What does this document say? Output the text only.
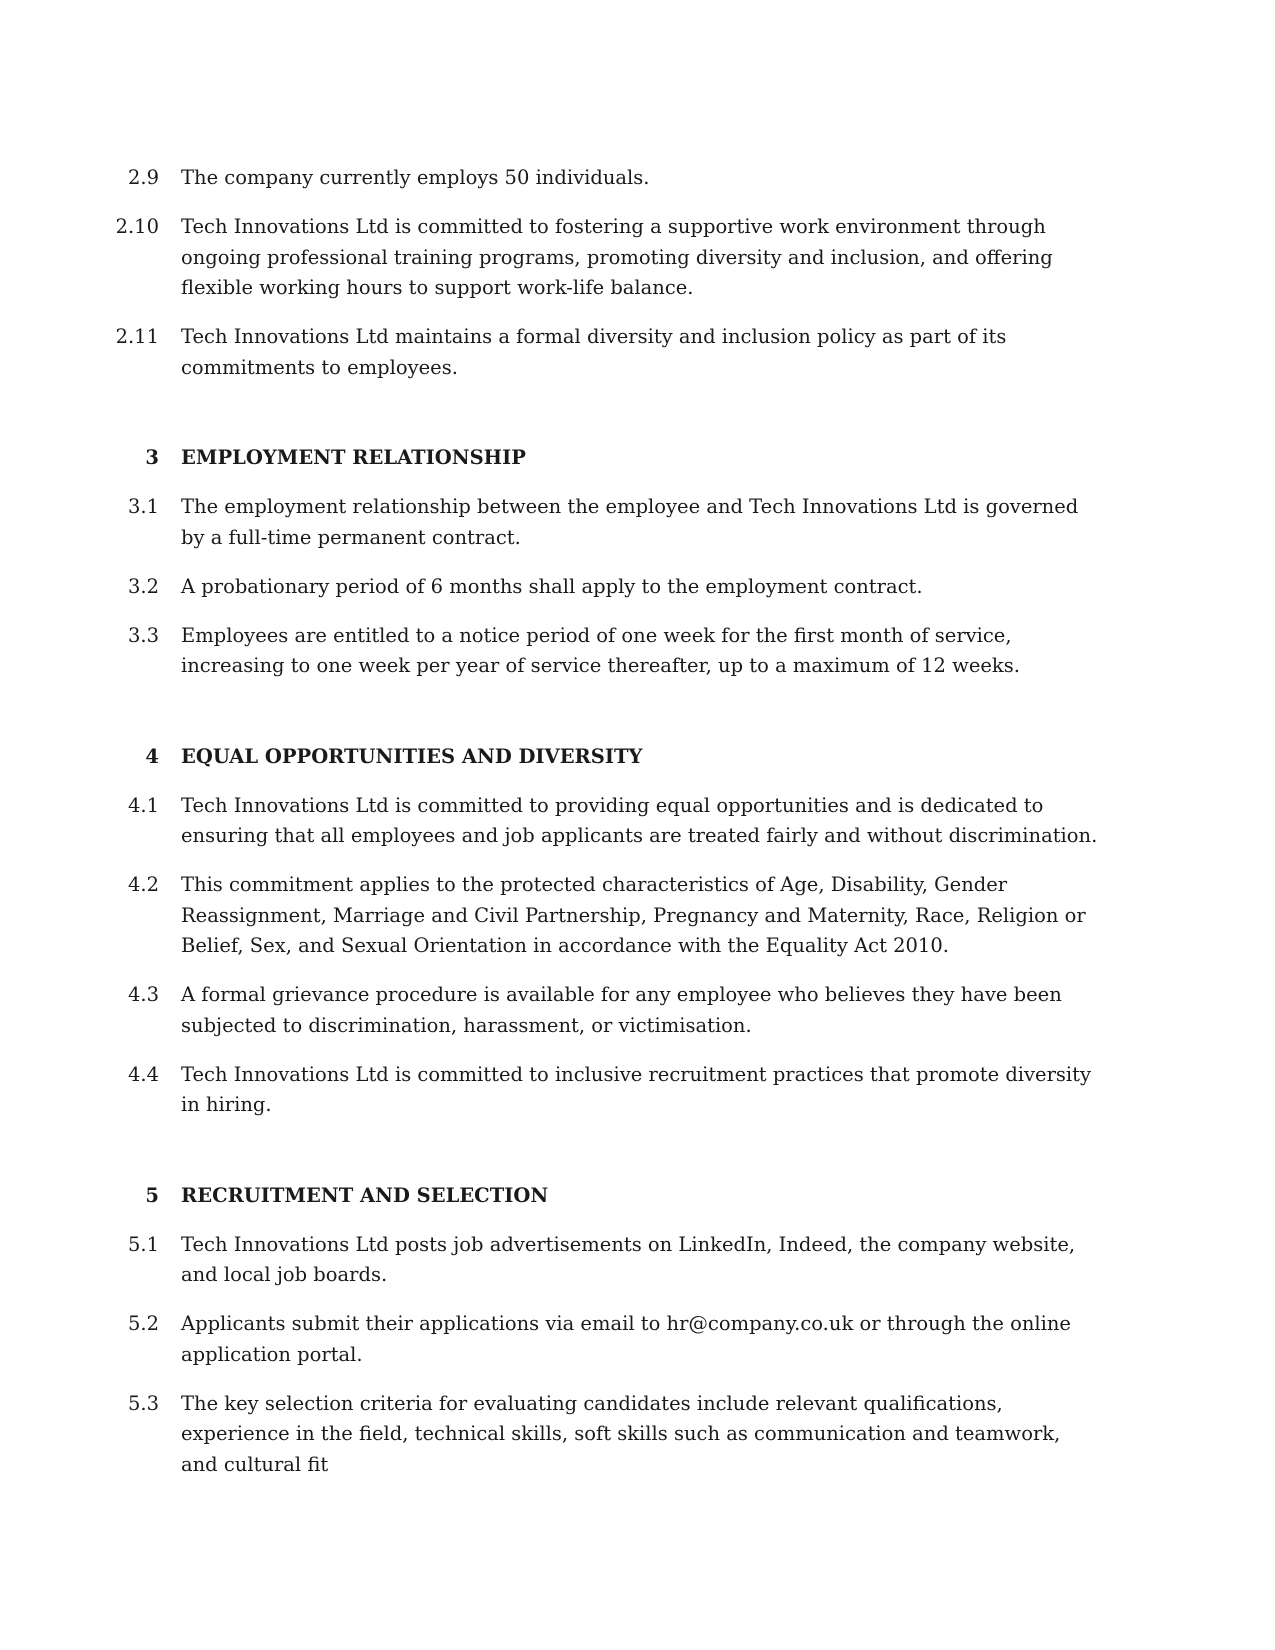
2.9	The company currently employs 50 individuals.
2.10	Tech Innovations Ltd is committed to fostering a supportive work environment through ongoing professional training programs, promoting diversity and inclusion, and offering flexible working hours to support work-life balance.
2.11	Tech Innovations Ltd maintains a formal diversity and inclusion policy as part of its commitments to employees.
3	EMPLOYMENT RELATIONSHIP
3.1	The employment relationship between the employee and Tech Innovations Ltd is governed by a full-time permanent contract.
3.2	A probationary period of 6 months shall apply to the employment contract.
3.3	Employees are entitled to a notice period of one week for the first month of service, increasing to one week per year of service thereafter, up to a maximum of 12 weeks.
4	EQUAL OPPORTUNITIES AND DIVERSITY
4.1	Tech Innovations Ltd is committed to providing equal opportunities and is dedicated to ensuring that all employees and job applicants are treated fairly and without discrimination.
4.2	This commitment applies to the protected characteristics of Age, Disability, Gender Reassignment, Marriage and Civil Partnership, Pregnancy and Maternity, Race, Religion or Belief, Sex, and Sexual Orientation in accordance with the Equality Act 2010.
4.3	A formal grievance procedure is available for any employee who believes they have been subjected to discrimination, harassment, or victimisation.
4.4	Tech Innovations Ltd is committed to inclusive recruitment practices that promote diversity in hiring.
5	RECRUITMENT AND SELECTION
5.1	Tech Innovations Ltd posts job advertisements on LinkedIn, Indeed, the company website, and local job boards.
5.2	Applicants submit their applications via email to hr@company.co.uk or through the online application portal.
5.3	The key selection criteria for evaluating candidates include relevant qualifications, experience in the field, technical skills, soft skills such as communication and teamwork, and cultural fit
